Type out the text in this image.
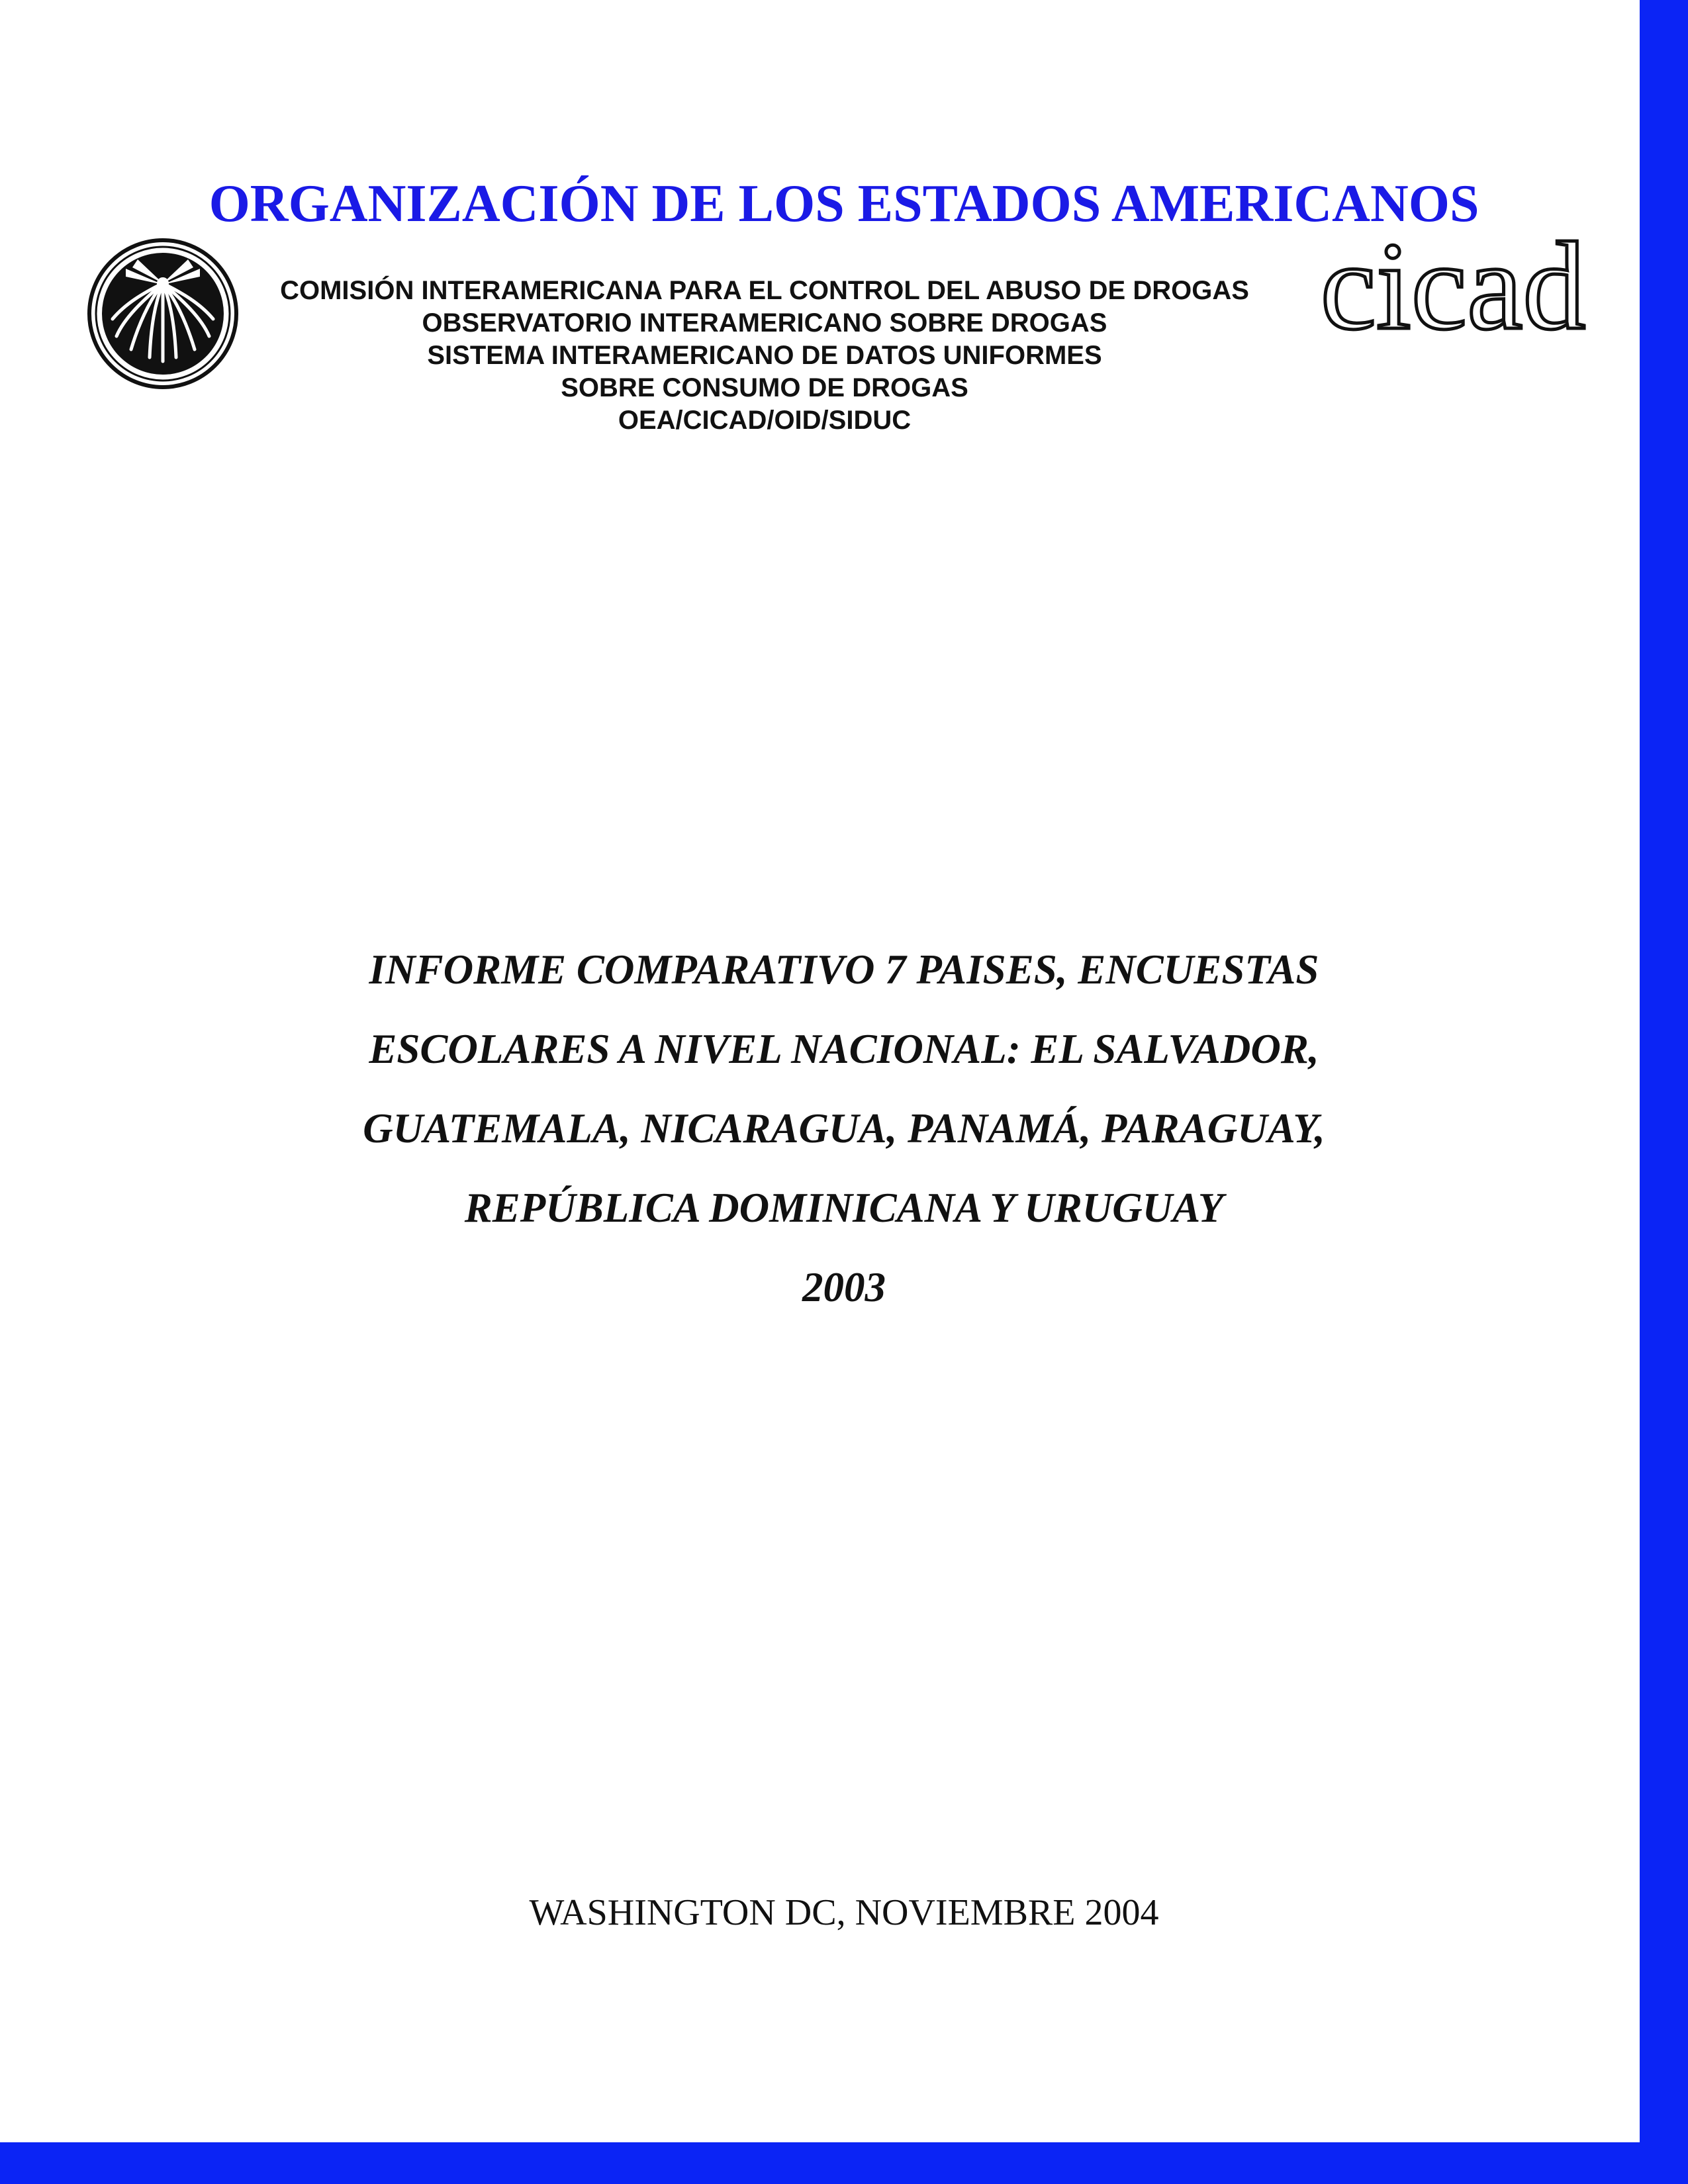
ORGANIZACIÓN DE LOS ESTADOS AMERICANOS
cicad
COMISIÓN INTERAMERICANA PARA EL CONTROL DEL ABUSO DE DROGAS
OBSERVATORIO INTERAMERICANO SOBRE DROGAS
SISTEMA INTERAMERICANO DE DATOS UNIFORMES
SOBRE CONSUMO DE DROGAS
OEA/CICAD/OID/SIDUC
INFORME COMPARATIVO 7 PAISES, ENCUESTAS
ESCOLARES A NIVEL NACIONAL: EL SALVADOR,
GUATEMALA, NICARAGUA, PANAMÁ, PARAGUAY,
REPÚBLICA DOMINICANA Y URUGUAY
2003
WASHINGTON DC, NOVIEMBRE 2004
